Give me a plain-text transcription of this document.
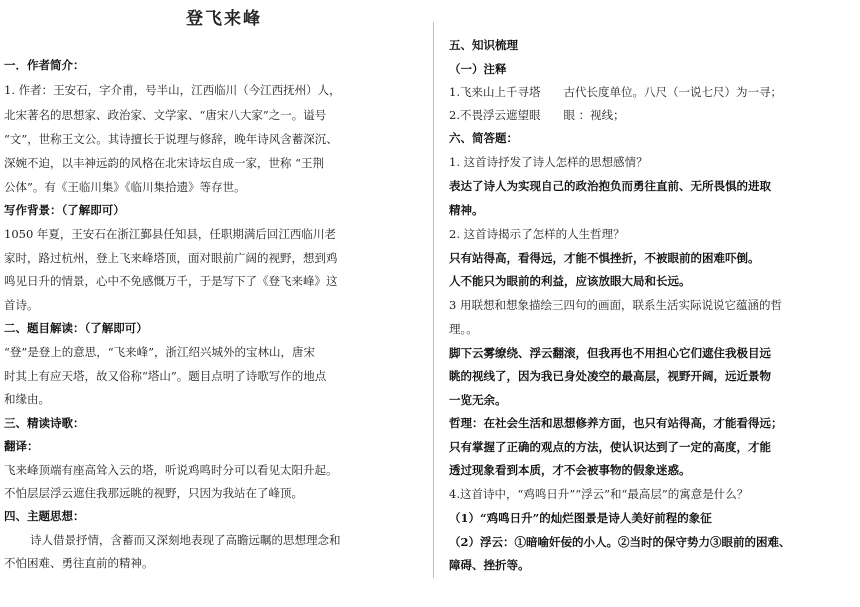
登飞来峰
一．作者简介：
1. 作者：王安石，字介甫，号半山，江西临川（今江西抚州）人，
北宋著名的思想家、政治家、文学家、“唐宋八大家”之一。谥号
“文”，世称王文公。其诗擅长于说理与修辞，晚年诗风含蓄深沉、
深婉不迫，以丰神远韵的风格在北宋诗坛自成一家，世称 “王荆
公体”。有《王临川集》《临川集拾遗》等存世。
写作背景：（了解即可）
1050 年夏，王安石在浙江鄞县任知县，任职期满后回江西临川老
家时，路过杭州，登上飞来峰塔顶，面对眼前广阔的视野，想到鸡
鸣见日升的情景，心中不免感慨万千，于是写下了《登飞来峰》这
首诗。
二、题目解读：（了解即可）
“登”是登上的意思，“飞来峰”，浙江绍兴城外的宝林山，唐宋
时其上有应天塔，故又俗称“塔山”。题目点明了诗歌写作的地点
和缘由。
三、精读诗歌：
翻译：
飞来峰顶端有座高耸入云的塔，听说鸡鸣时分可以看见太阳升起。
不怕层层浮云遮住我那远眺的视野，只因为我站在了峰顶。
四、主题思想：
诗人借景抒情，含蓄而又深刻地表现了高瞻远瞩的思想理念和
不怕困难、勇往直前的精神。
五、知识梳理
（一）注释
1.飞来山上千寻塔　　古代长度单位。八尺（一说七尺）为一寻；
2.不畏浮云遮望眼　　眼 ：视线；
六、简答题：
1. 这首诗抒发了诗人怎样的思想感情？
表达了诗人为实现自己的政治抱负而勇往直前、无所畏惧的进取
精神。
2. 这首诗揭示了怎样的人生哲理？
只有站得高，看得远，才能不惧挫折，不被眼前的困难吓倒。
人不能只为眼前的利益，应该放眼大局和长远。
3 用联想和想象描绘三四句的画面，联系生活实际说说它蕴涵的哲
理。。
脚下云雾缭绕、浮云翻滚，但我再也不用担心它们遮住我极目远
眺的视线了，因为我已身处凌空的最高层，视野开阔，远近景物
一览无余。
哲理：在社会生活和思想修养方面，也只有站得高，才能看得远；
只有掌握了正确的观点的方法，使认识达到了一定的高度，才能
透过现象看到本质，才不会被事物的假象迷惑。
4.这首诗中，“鸡鸣日升”“浮云”和“最高层”的寓意是什么？
（1）“鸡鸣日升”的灿烂图景是诗人美好前程的象征
（2）浮云：①暗喻奸佞的小人。②当时的保守势力③眼前的困难、
障碍、挫折等。
